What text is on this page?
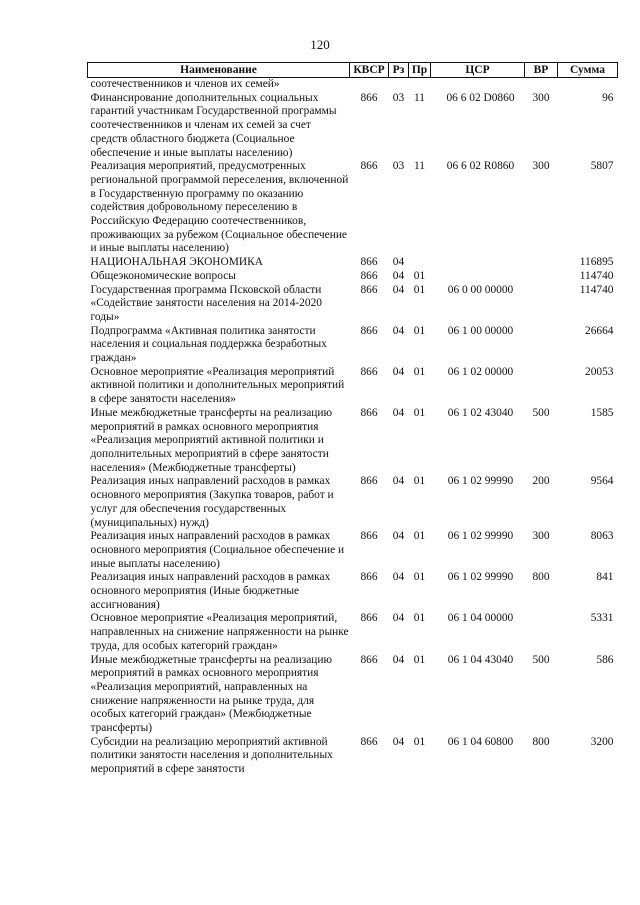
120
Наименование	КВСР	Рз	Пр	ЦСР	ВР	Сумма
соотечественников и членов их семей»						
Финансирование дополнительных социальных гарантий участникам Государственной программы соотечественников и членам их семей за счет средств областного бюджета (Социальное обеспечение и иные выплаты населению)	866	03	11	06 6 02 D0860	300	96
Реализация мероприятий, предусмотренных региональной программой переселения, включенной в Государственную программу по оказанию содействия добровольному переселению в Российскую Федерацию соотечественников, проживающих за рубежом (Социальное обеспечение и иные выплаты населению)	866	03	11	06 6 02 R0860	300	5807
НАЦИОНАЛЬНАЯ ЭКОНОМИКА	866	04				116895
Общеэкономические вопросы	866	04	01			114740
Государственная программа Псковской области «Содействие занятости населения на 2014-2020 годы»	866	04	01	06 0 00 00000		114740
Подпрограмма «Активная политика занятости населения и социальная поддержка безработных граждан»	866	04	01	06 1 00 00000		26664
Основное мероприятие «Реализация мероприятий активной политики и дополнительных мероприятий в сфере занятости населения»	866	04	01	06 1 02 00000		20053
Иные межбюджетные трансферты на реализацию мероприятий в рамках основного мероприятия «Реализация мероприятий активной политики и дополнительных мероприятий в сфере занятости населения» (Межбюджетные трансферты)	866	04	01	06 1 02 43040	500	1585
Реализация иных направлений расходов в рамках основного мероприятия (Закупка товаров, работ и услуг для обеспечения государственных (муниципальных) нужд)	866	04	01	06 1 02 99990	200	9564
Реализация иных направлений расходов в рамках основного мероприятия (Социальное обеспечение и иные выплаты населению)	866	04	01	06 1 02 99990	300	8063
Реализация иных направлений расходов в рамках основного мероприятия (Иные бюджетные ассигнования)	866	04	01	06 1 02 99990	800	841
Основное мероприятие «Реализация мероприятий, направленных на снижение напряженности на рынке труда, для особых категорий граждан»	866	04	01	06 1 04 00000		5331
Иные межбюджетные трансферты на реализацию мероприятий в рамках основного мероприятия «Реализация мероприятий, направленных на снижение напряженности на рынке труда, для особых категорий граждан» (Межбюджетные трансферты)	866	04	01	06 1 04 43040	500	586
Субсидии на реализацию мероприятий активной политики занятости населения и дополнительных мероприятий в сфере занятости	866	04	01	06 1 04 60800	800	3200
